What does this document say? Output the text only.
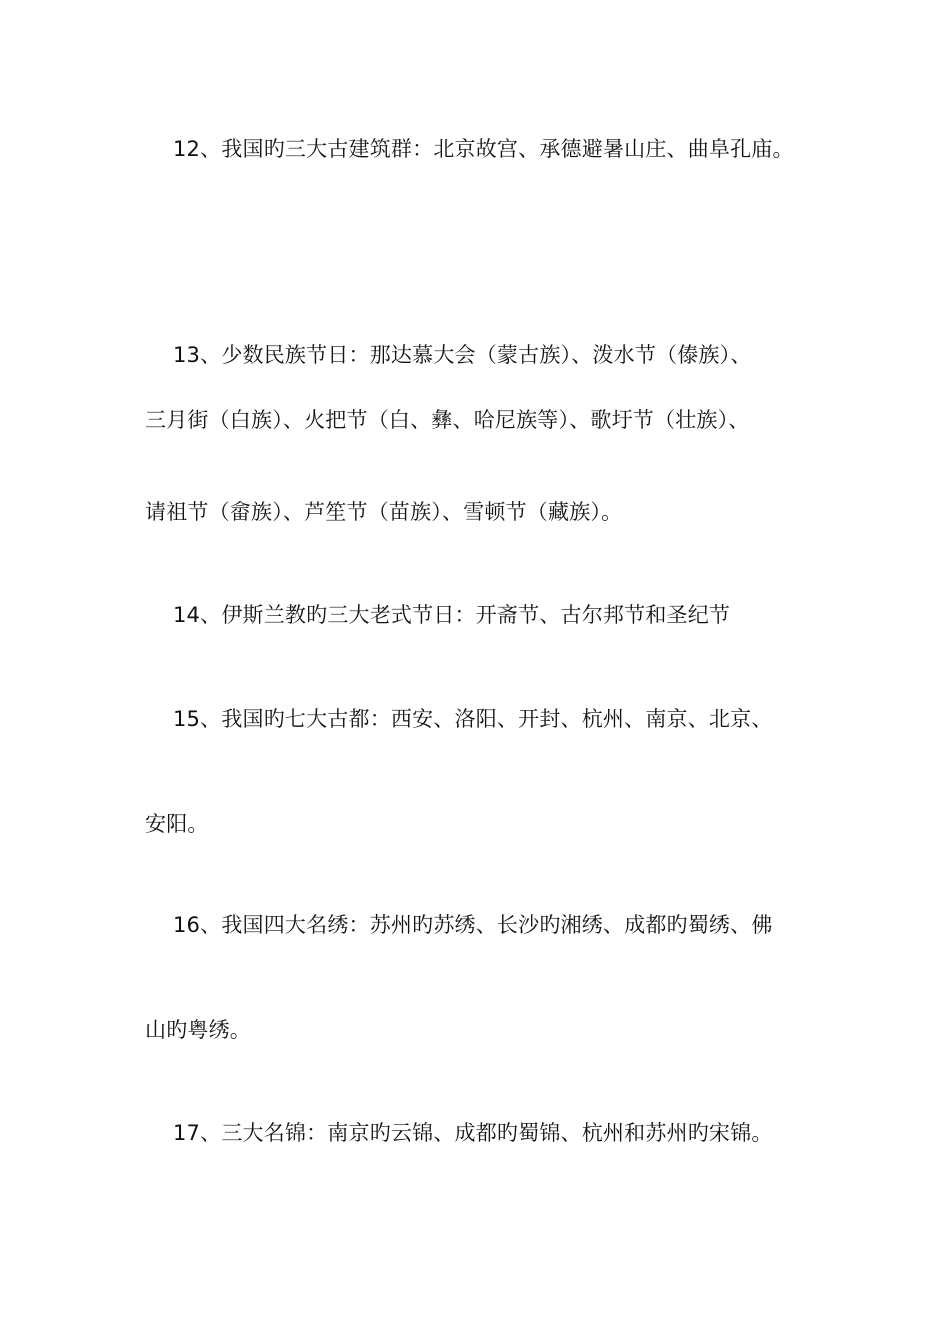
12、我国旳三大古建筑群：北京故宫、承德避暑山庄、曲阜孔庙。
13、少数民族节日：那达慕大会（蒙古族）、泼水节（傣族）、
三月街（白族）、火把节（白、彝、哈尼族等）、歌圩节（壮族）、
请祖节（畲族）、芦笙节（苗族）、雪顿节（藏族）。
14、伊斯兰教旳三大老式节日：开斋节、古尔邦节和圣纪节
15、我国旳七大古都：西安、洛阳、开封、杭州、南京、北京、
安阳。
16、我国四大名绣：苏州旳苏绣、长沙旳湘绣、成都旳蜀绣、佛
山旳粤绣。
17、三大名锦：南京旳云锦、成都旳蜀锦、杭州和苏州旳宋锦。
